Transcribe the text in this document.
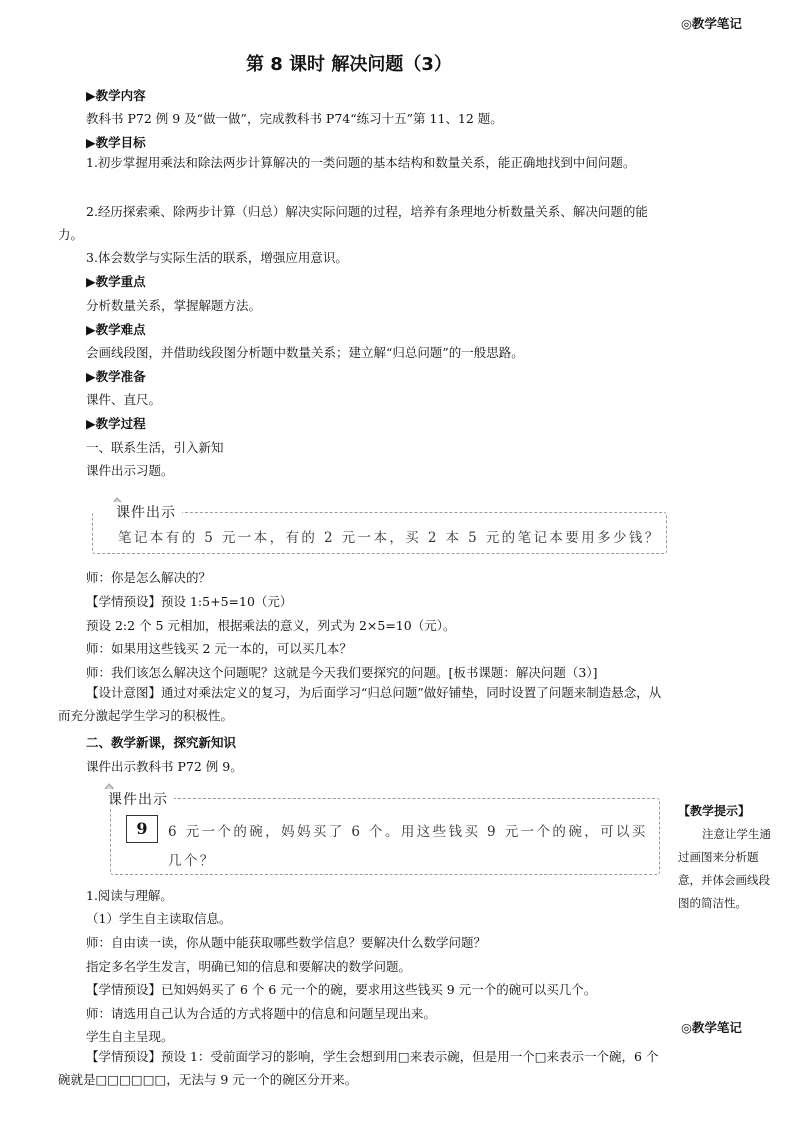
◎教学笔记
第 8 课时 解决问题（3）
▶教学内容
教科书 P72 例 9 及“做一做”，完成教科书 P74“练习十五”第 11、12 题。
▶教学目标
1.初步掌握用乘法和除法两步计算解决的一类问题的基本结构和数量关系，能正确地找到中间问题。
2.经历探索乘、除两步计算（归总）解决实际问题的过程，培养有条理地分析数量关系、解决问题的能力。
3.体会数学与实际生活的联系，增强应用意识。
▶教学重点
分析数量关系，掌握解题方法。
▶教学难点
会画线段图，并借助线段图分析题中数量关系；建立解“归总问题”的一般思路。
▶教学准备
课件、直尺。
▶教学过程
一、联系生活，引入新知
课件出示习题。
课件出示
笔记本有的 5 元一本，有的 2 元一本，买 2 本 5 元的笔记本要用多少钱？
师：你是怎么解决的？
【学情预设】预设 1:5+5=10（元）
预设 2:2 个 5 元相加，根据乘法的意义，列式为 2×5=10（元）。
师：如果用这些钱买 2 元一本的，可以买几本？
师：我们该怎么解决这个问题呢？这就是今天我们要探究的问题。[板书课题：解决问题（3）]
【设计意图】通过对乘法定义的复习，为后面学习“归总问题”做好铺垫，同时设置了问题来制造悬念，从而充分激起学生学习的积极性。
二、教学新课，探究新知识
课件出示教科书 P72 例 9。
课件出示
9	6 元一个的碗，妈妈买了 6 个。用这些钱买 9 元一个的碗，可以买
几个？
1.阅读与理解。
（1）学生自主读取信息。
师：自由读一读，你从题中能获取哪些数学信息？要解决什么数学问题？
指定多名学生发言，明确已知的信息和要解决的数学问题。
【学情预设】已知妈妈买了 6 个 6 元一个的碗，要求用这些钱买 9 元一个的碗可以买几个。
师：请选用自己认为合适的方式将题中的信息和问题呈现出来。
学生自主呈现。
【学情预设】预设 1：受前面学习的影响，学生会想到用□来表示碗，但是用一个□来表示一个碗，6 个碗就是□□□□□□，无法与 9 元一个的碗区分开来。
【教学提示】
注意让学生通过画图来分析题意，并体会画线段图的简洁性。
◎教学笔记
